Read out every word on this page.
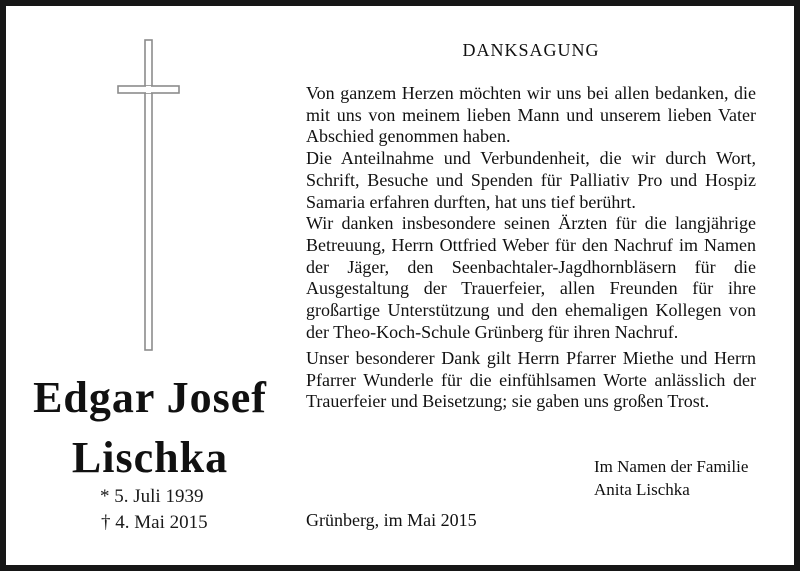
Edgar Josef
Lischka
* 5. Juli 1939
† 4. Mai 2015
DANKSAGUNG
Von ganzem Herzen möchten wir uns bei allen bedanken, die mit uns von meinem lieben Mann und unserem lieben Vater Abschied genommen haben.
Die Anteilnahme und Verbundenheit, die wir durch Wort, Schrift, Besuche und Spenden für Palliativ Pro und Hospiz Samaria erfahren durften, hat uns tief berührt.
Wir danken insbesondere seinen Ärzten für die langjährige Betreuung, Herrn Ottfried Weber für den Nachruf im Namen der Jäger, den Seenbachtaler-Jagdhornbläsern für die Ausgestaltung der Trauerfeier, allen Freunden für ihre großartige Unterstützung und den ehemaligen Kollegen von der Theo-Koch-Schule Grünberg für ihren Nachruf.
Unser besonderer Dank gilt Herrn Pfarrer Miethe und Herrn Pfarrer Wunderle für die einfühlsamen Worte anlässlich der Trauerfeier und Beisetzung; sie gaben uns großen Trost.
Im Namen der Familie
Anita Lischka
Grünberg, im Mai 2015
